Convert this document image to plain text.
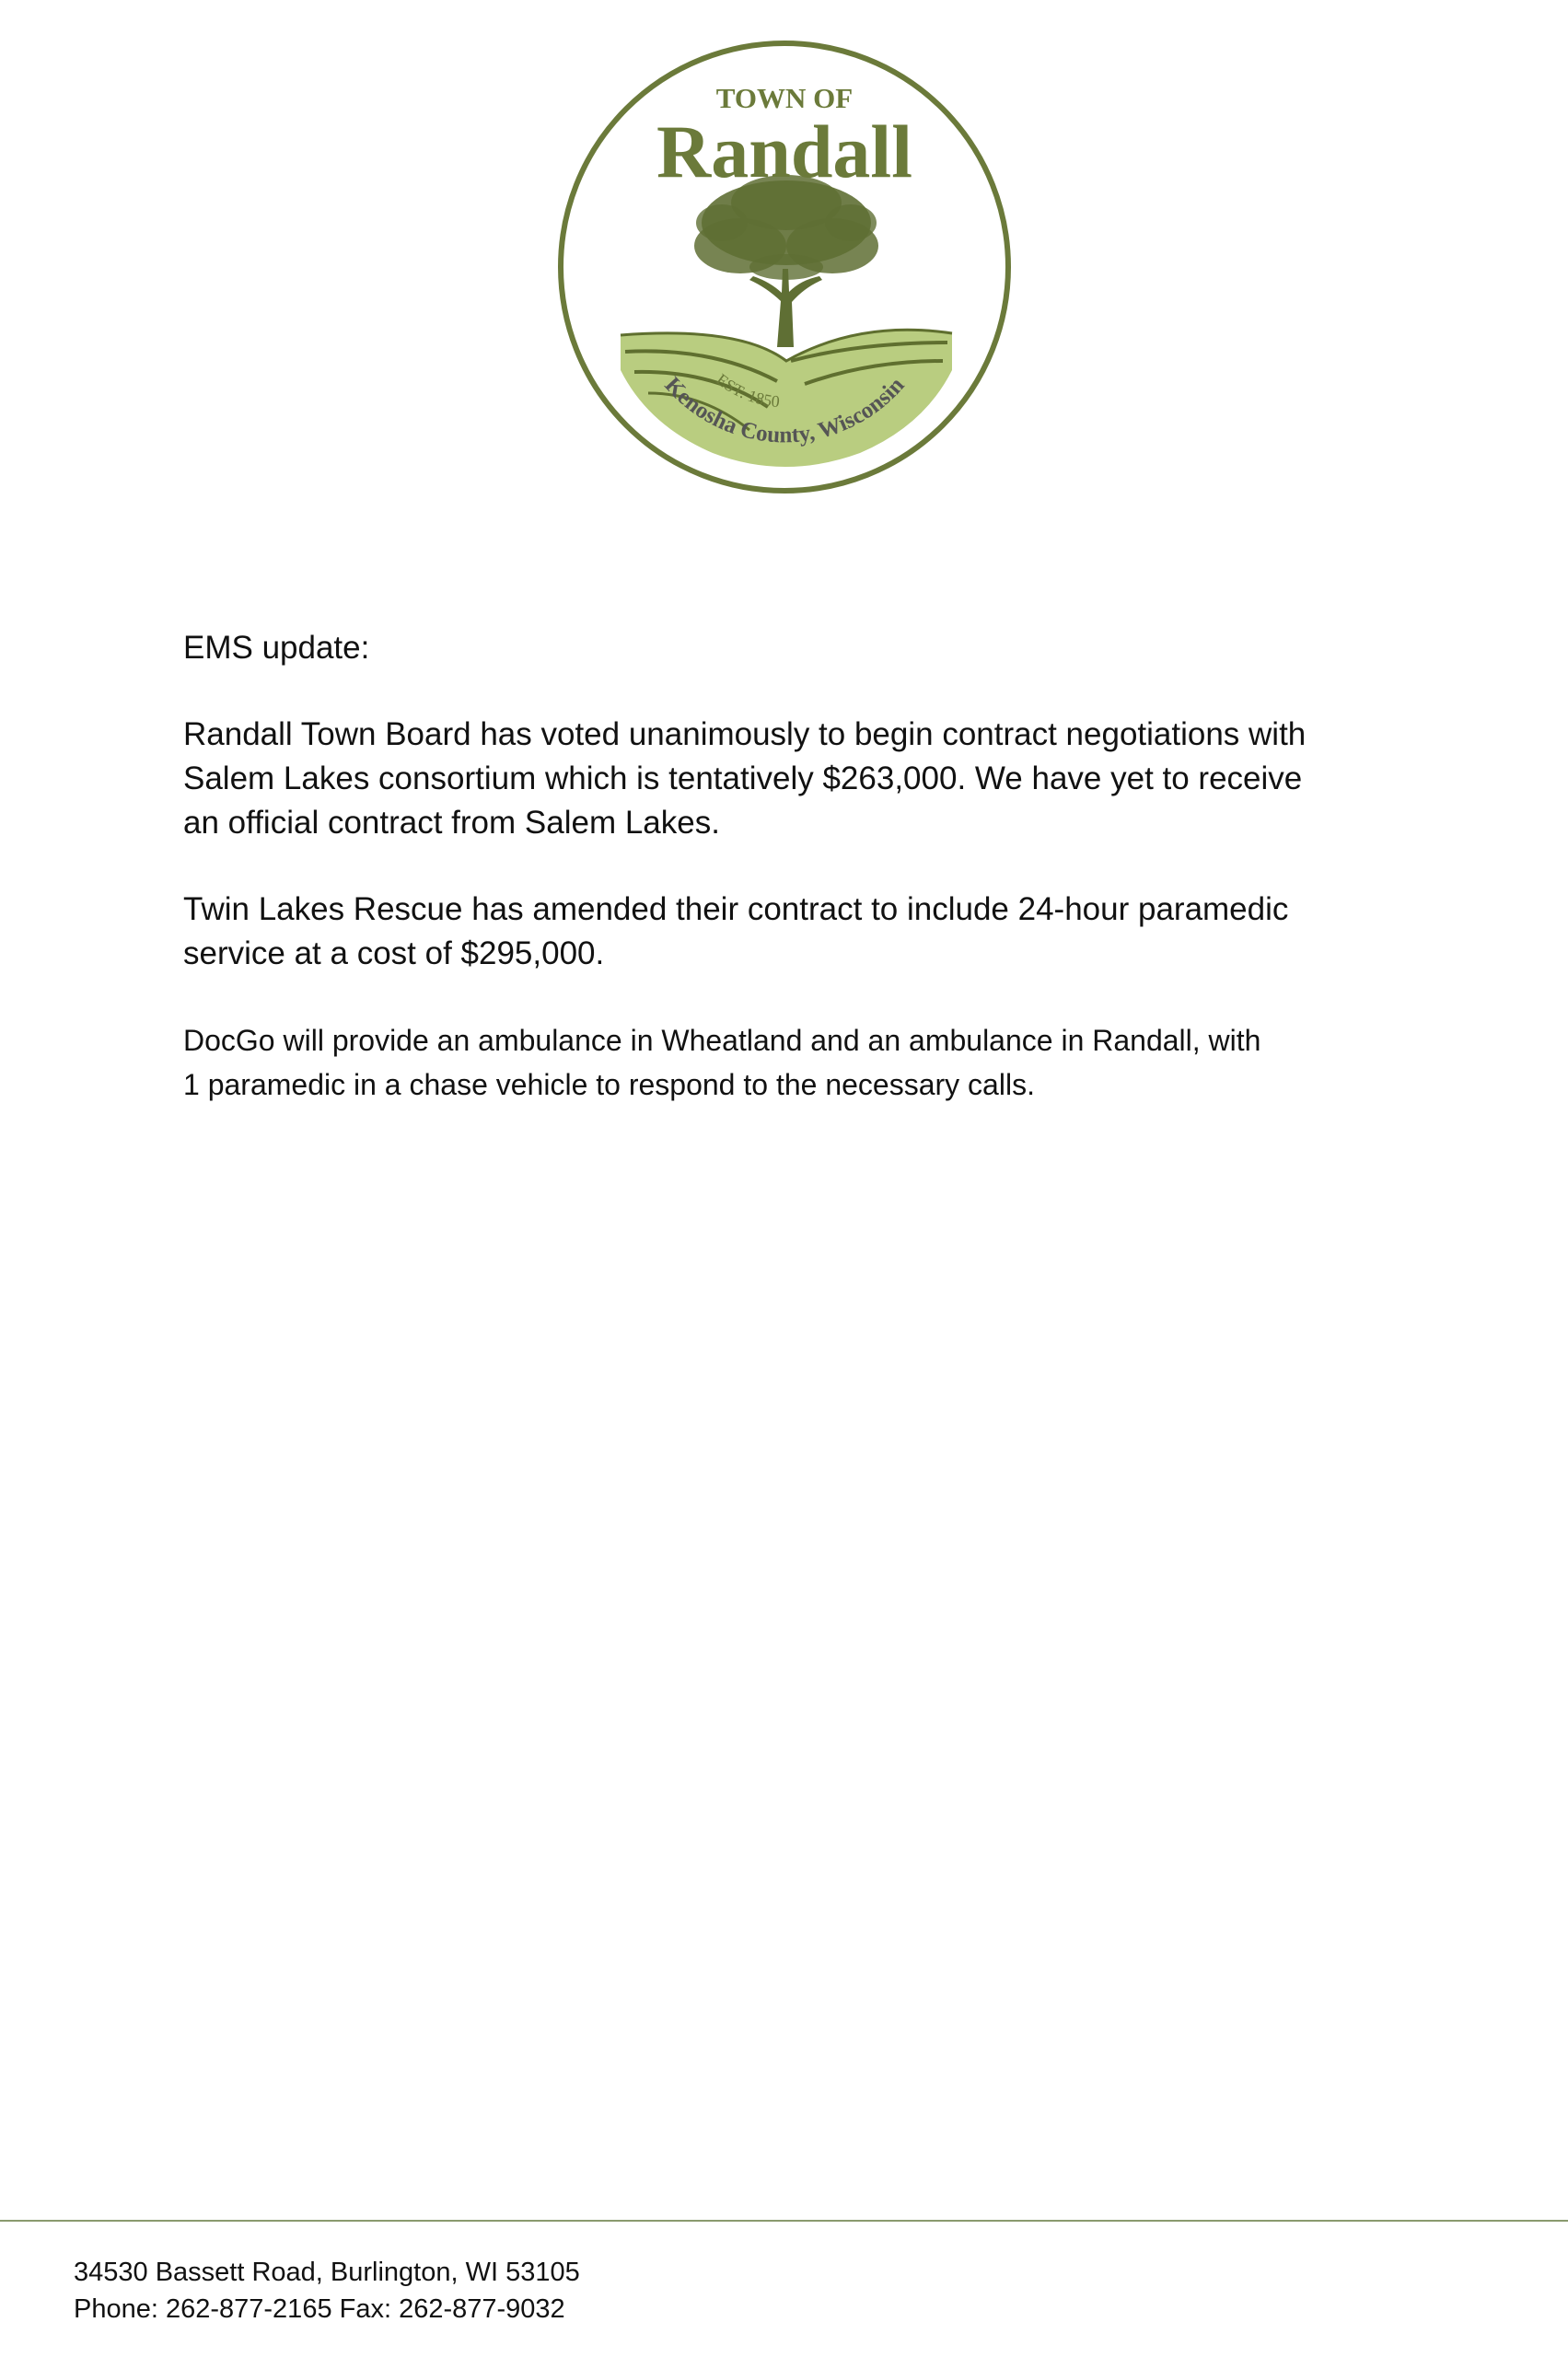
TOWN OF
Randall
EST. 1850
Kenosha County, Wisconsin
EMS update:
Randall Town Board has voted unanimously to begin contract negotiations with
Salem Lakes consortium which is tentatively $263,000. We have yet to receive
an official contract from Salem Lakes.
Twin Lakes Rescue has amended their contract to include 24-hour paramedic
service at a cost of $295,000.
DocGo will provide an ambulance in Wheatland and an ambulance in Randall, with
1 paramedic in a chase vehicle to respond to the necessary calls.
34530 Bassett Road, Burlington, WI 53105
Phone: 262-877-2165 Fax: 262-877-9032
